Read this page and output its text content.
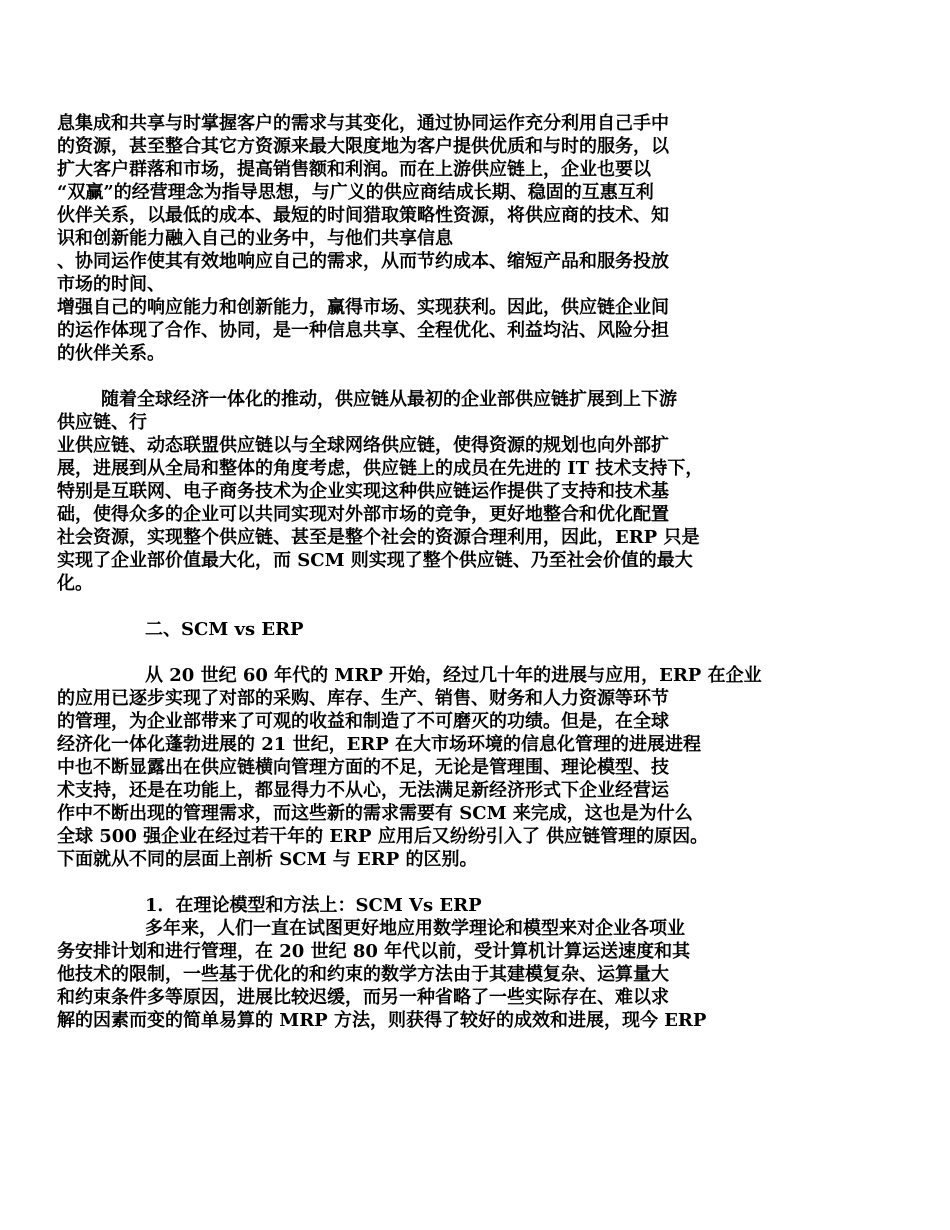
息集成和共享与时掌握客户的需求与其变化，通过协同运作充分利用自己手中
的资源，甚至整合其它方资源来最大限度地为客户提供优质和与时的服务，以
扩大客户群落和市场，提高销售额和利润。而在上游供应链上，企业也要以
“双赢”的经营理念为指导思想，与广义的供应商结成长期、稳固的互惠互利
伙伴关系，以最低的成本、最短的时间猎取策略性资源，将供应商的技术、知
识和创新能力融入自己的业务中，与他们共享信息
、协同运作使其有效地响应自己的需求，从而节约成本、缩短产品和服务投放
市场的时间、
增强自己的响应能力和创新能力，赢得市场、实现获利。因此，供应链企业间
的运作体现了合作、协同，是一种信息共享、全程优化、利益均沾、风险分担
的伙伴关系。
随着全球经济一体化的推动，供应链从最初的企业部供应链扩展到上下游
供应链、行
业供应链、动态联盟供应链以与全球网络供应链，使得资源的规划也向外部扩
展，进展到从全局和整体的角度考虑，供应链上的成员在先进的 IT 技术支持下，
特别是互联网、电子商务技术为企业实现这种供应链运作提供了支持和技术基
础，使得众多的企业可以共同实现对外部市场的竞争，更好地整合和优化配置
社会资源，实现整个供应链、甚至是整个社会的资源合理利用，因此，ERP 只是
实现了企业部价值最大化，而 SCM 则实现了整个供应链、乃至社会价值的最大
化。
二、SCM vs ERP
从 20 世纪 60 年代的 MRP 开始，经过几十年的进展与应用，ERP 在企业
的应用已逐步实现了对部的采购、库存、生产、销售、财务和人力资源等环节
的管理，为企业部带来了可观的收益和制造了不可磨灭的功绩。但是，在全球
经济化一体化蓬勃进展的 21 世纪，ERP 在大市场环境的信息化管理的进展进程
中也不断显露出在供应链横向管理方面的不足，无论是管理围、理论模型、技
术支持，还是在功能上，都显得力不从心，无法满足新经济形式下企业经营运
作中不断出现的管理需求，而这些新的需求需要有 SCM 来完成，这也是为什么
全球 500 强企业在经过若干年的 ERP 应用后又纷纷引入了 供应链管理的原因。
下面就从不同的层面上剖析 SCM 与 ERP 的区别。
1．在理论模型和方法上：SCM Vs ERP
多年来，人们一直在试图更好地应用数学理论和模型来对企业各项业
务安排计划和进行管理，在 20 世纪 80 年代以前，受计算机计算运送速度和其
他技术的限制，一些基于优化的和约束的数学方法由于其建模复杂、运算量大
和约束条件多等原因，进展比较迟缓，而另一种省略了一些实际存在、难以求
解的因素而变的简单易算的 MRP 方法，则获得了较好的成效和进展，现今 ERP
